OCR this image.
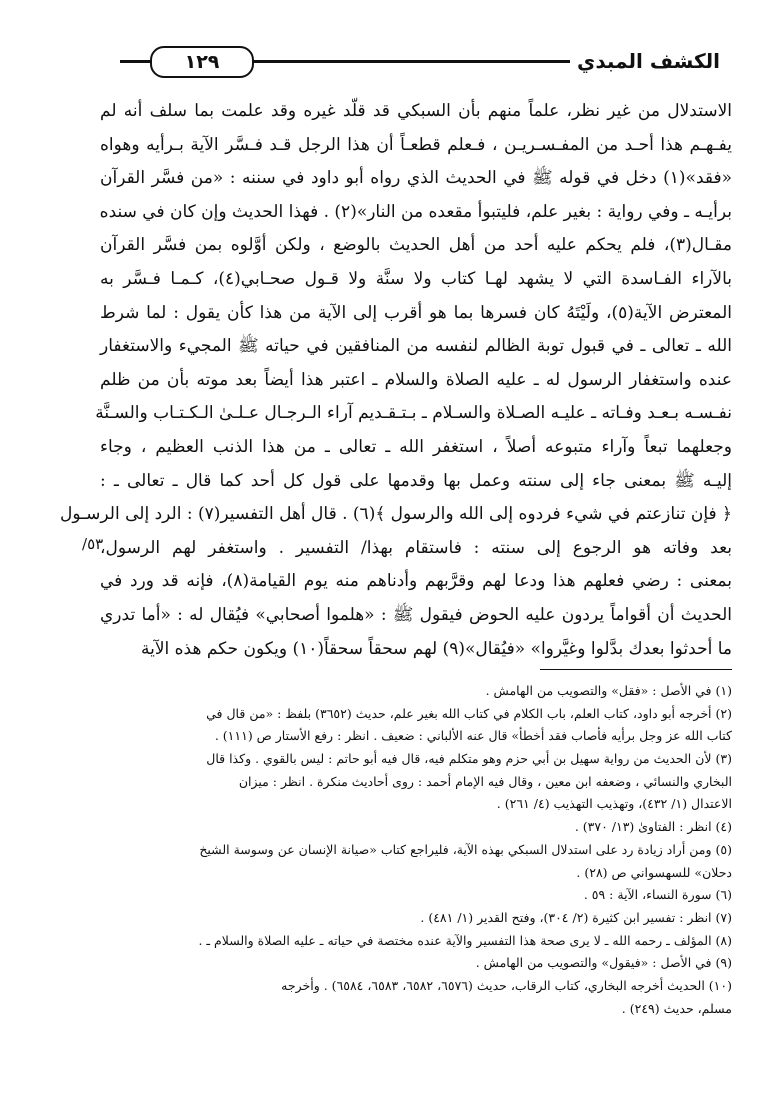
١٢٩	الكشف المبدي
٥٣/
الاستدلال من غير نظر، علماً منهم بأن السبكي قد قلّد غيره وقد علمت بما سلف أنه لم
يفـهـم هذا أحـد من المفـسـريـن ، فـعلم قطعـاً أن هذا الرجل قـد فـسَّر الآية بـرأيه وهواه
«فقد»(١) دخل في قوله ﷺ في الحديث الذي رواه أبو داود في سننه : «من فسَّر القرآن
برأيـه ـ وفي رواية : بغير علم، فليتبوأ مقعده من النار»(٢) . فهذا الحديث وإن كان في سنده
مقـال(٣)، فلم يحكم عليه أحد من أهل الحديث بالوضع ، ولكن أوَّلوه بمن فسَّر القرآن
بالآراء الفـاسدة التي لا يشهد لهـا كتاب ولا سنَّة ولا قـول صحـابي(٤)، كـمـا فـسَّر به
المعترض الآية(٥)، ولَيْتَهُ كان فسرها بما هو أقرب إلى الآية من هذا كأن يقول : لما شرط
الله ـ تعالى ـ في قبول توبة الظالم لنفسه من المنافقين في حياته ﷺ المجيء والاستغفار
عنده واستغفار الرسول له ـ عليه الصلاة والسلام ـ اعتبر هذا أيضاً بعد موته بأن من ظلم
نفـسـه بـعـد وفـاته ـ عليـه الصـلاة والسـلام ـ بـتـقـديم آراء الـرجـال عـلـىٰ الـكـتـاب والسـنَّة
وجعلهما تبعاً وآراء متبوعه أصلاً ، استغفر الله ـ تعالى ـ من هذا الذنب العظيم ، وجاء
إليـه ﷺ بمعنى جاء إلى سنته وعمل بها وقدمها على قول كل أحد كما قال ـ تعالى ـ :
﴿ فإن تنازعتم في شيء فردوه إلى الله والرسول ﴾(٦) . قال أهل التفسير(٧) : الرد إلى الرسـول
بعد وفاته هو الرجوع إلى سنته : فاستقام بهذا/ التفسير . واستغفر لهم الرسول،
بمعنى : رضي فعلهم هذا ودعا لهم وقرَّبهم وأدناهم منه يوم القيامة(٨)، فإنه قد ورد في
الحديث أن أقواماً يردون عليه الحوض فيقول ﷺ : «هلموا أصحابي» فيُقال له : «أما تدري
ما أحدثوا بعدك بدَّلوا وغيَّروا» «فيُقال»(٩) لهم سحقاً سحقاً(١٠) ويكون حكم هذه الآية
(١) في الأصل : «فقل» والتصويب من الهامش .
(٢) أخرجه أبو داود، كتاب العلم، باب الكلام في كتاب الله بغير علم، حديث (٣٦٥٢) بلفظ : «من قال في
كتاب الله عز وجل برأيه فأصاب فقد أخطأ» قال عنه الألباني : ضعيف . انظر : رفع الأستار ص (١١١) .
(٣) لأن الحديث من رواية سهيل بن أبي حزم وهو متكلم فيه، قال فيه أبو حاتم : ليس بالقوي . وكذا قال
البخاري والنسائي ، وضعفه ابن معين ، وقال فيه الإمام أحمد : روى أحاديث منكرة . انظر : ميزان
الاعتدال (١/ ٤٣٢)، وتهذيب التهذيب (٤/ ٢٦١) .
(٤) انظر : الفتاوىٰ (١٣/ ٣٧٠) .
(٥) ومن أراد زيادة رد على استدلال السبكي بهذه الآية، فليراجع كتاب «صيانة الإنسان عن وسوسة الشيخ
دحلان» للسهسواني ص (٢٨) .
(٦) سورة النساء، الآية : ٥٩ .
(٧) انظر : تفسير ابن كثيرة (٢/ ٣٠٤)، وفتح القدير (١/ ٤٨١) .
(٨) المؤلف ـ رحمه الله ـ لا يرى صحة هذا التفسير والآية عنده مختصة في حياته ـ عليه الصلاة والسلام ـ .
(٩) في الأصل : «فيقول» والتصويب من الهامش .
(١٠) الحديث أخرجه البخاري، كتاب الرقاب، حديث (٦٥٧٦، ٦٥٨٢، ٦٥٨٣، ٦٥٨٤) . وأخرجه
مسلم، حديث (٢٤٩) .
